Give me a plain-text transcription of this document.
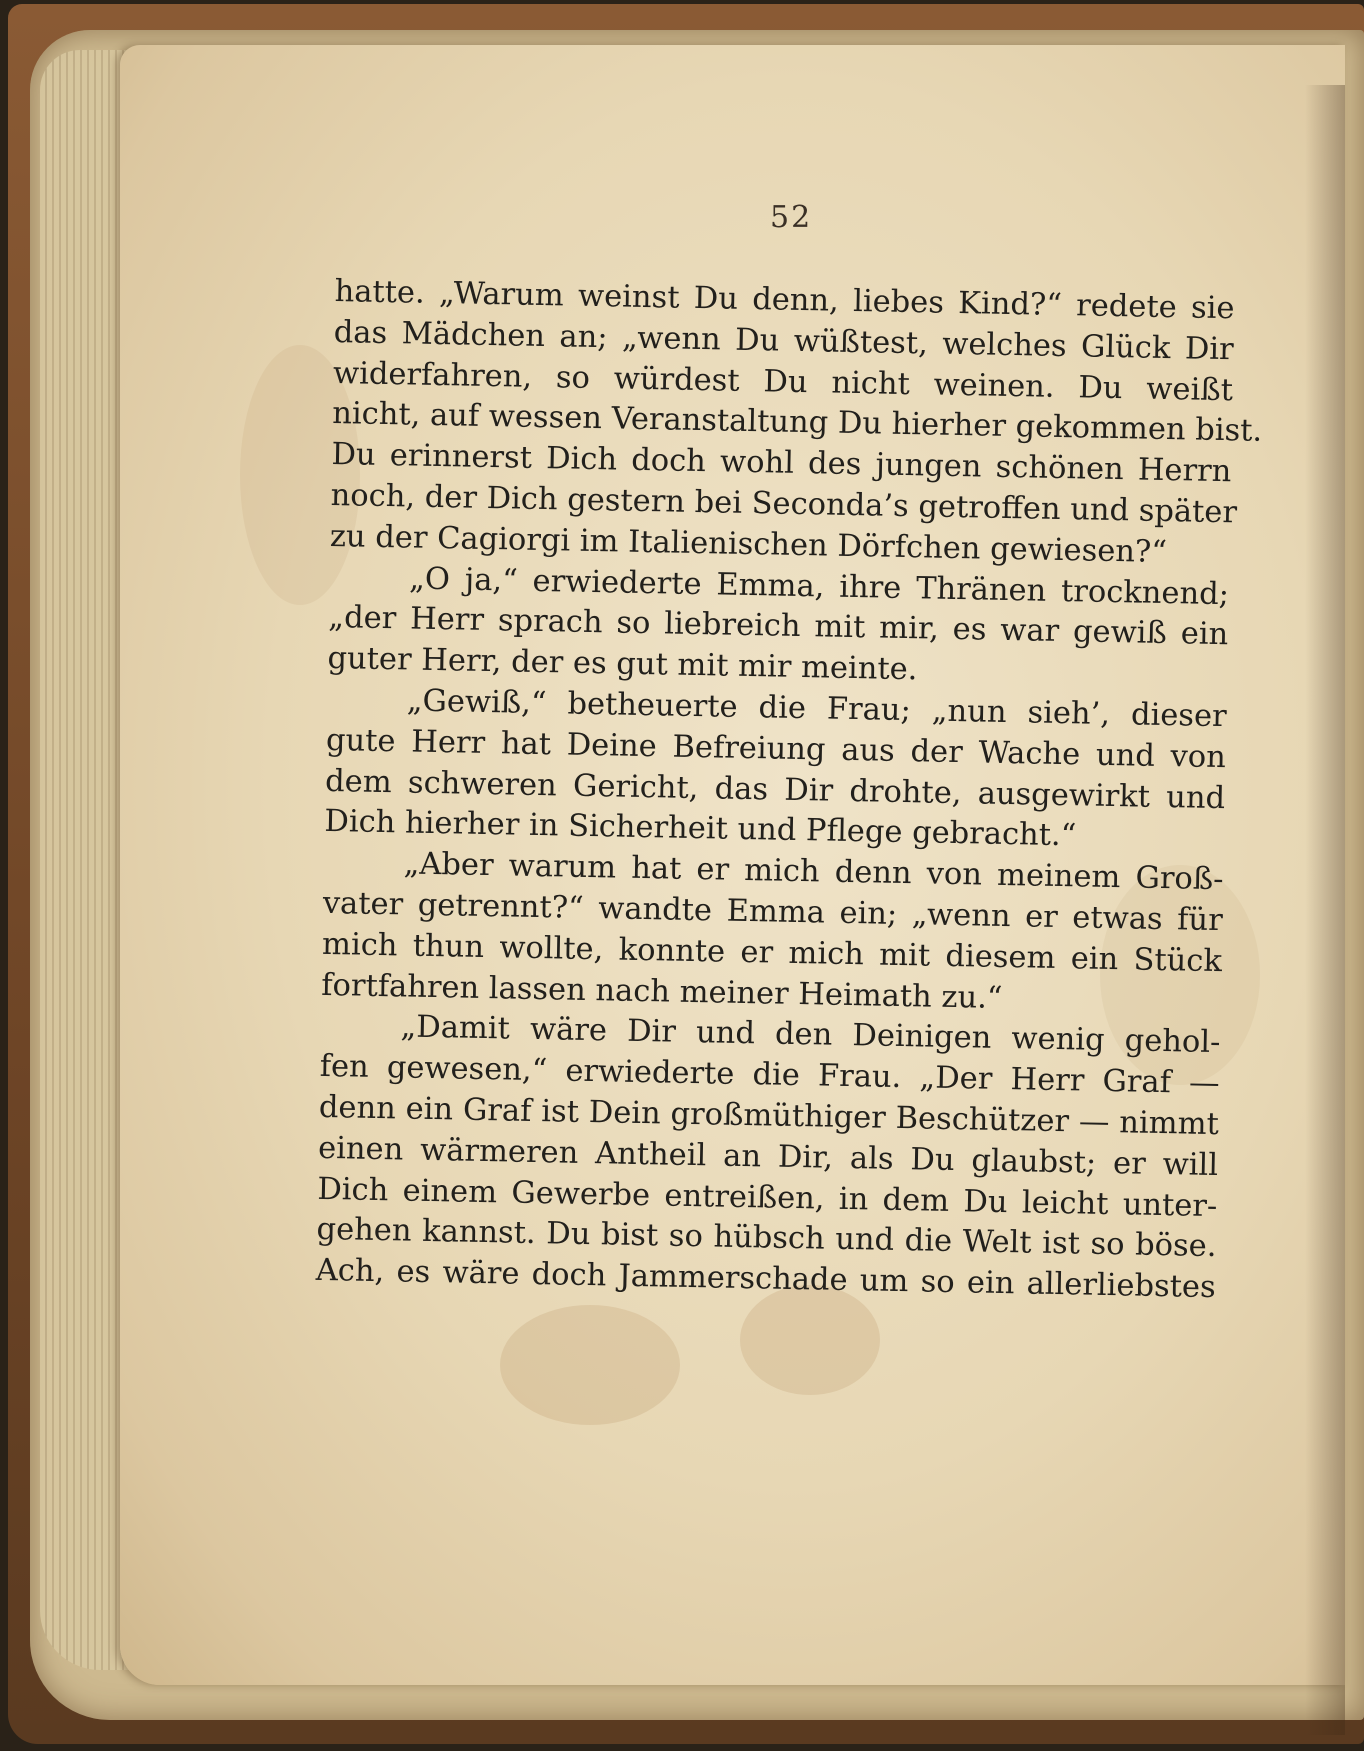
52
hatte. „Warum weinst Du denn, liebes Kind?“ redete sie
das Mädchen an; „wenn Du wüßtest, welches Glück Dir
widerfahren, so würdest Du nicht weinen. Du weißt
nicht, auf wessen Veranstaltung Du hierher gekommen bist.
Du erinnerst Dich doch wohl des jungen schönen Herrn
noch, der Dich gestern bei Seconda’s getroffen und später
zu der Cagiorgi im Italienischen Dörfchen gewiesen?“
„O ja,“ erwiederte Emma, ihre Thränen trocknend;
„der Herr sprach so liebreich mit mir, es war gewiß ein
guter Herr, der es gut mit mir meinte.
„Gewiß,“ betheuerte die Frau; „nun sieh’, dieser
gute Herr hat Deine Befreiung aus der Wache und von
dem schweren Gericht, das Dir drohte, ausgewirkt und
Dich hierher in Sicherheit und Pflege gebracht.“
„Aber warum hat er mich denn von meinem Groß-
vater getrennt?“ wandte Emma ein; „wenn er etwas für
mich thun wollte, konnte er mich mit diesem ein Stück
fortfahren lassen nach meiner Heimath zu.“
„Damit wäre Dir und den Deinigen wenig gehol-
fen gewesen,“ erwiederte die Frau. „Der Herr Graf —
denn ein Graf ist Dein großmüthiger Beschützer — nimmt
einen wärmeren Antheil an Dir, als Du glaubst; er will
Dich einem Gewerbe entreißen, in dem Du leicht unter-
gehen kannst. Du bist so hübsch und die Welt ist so böse.
Ach, es wäre doch Jammerschade um so ein allerliebstes
